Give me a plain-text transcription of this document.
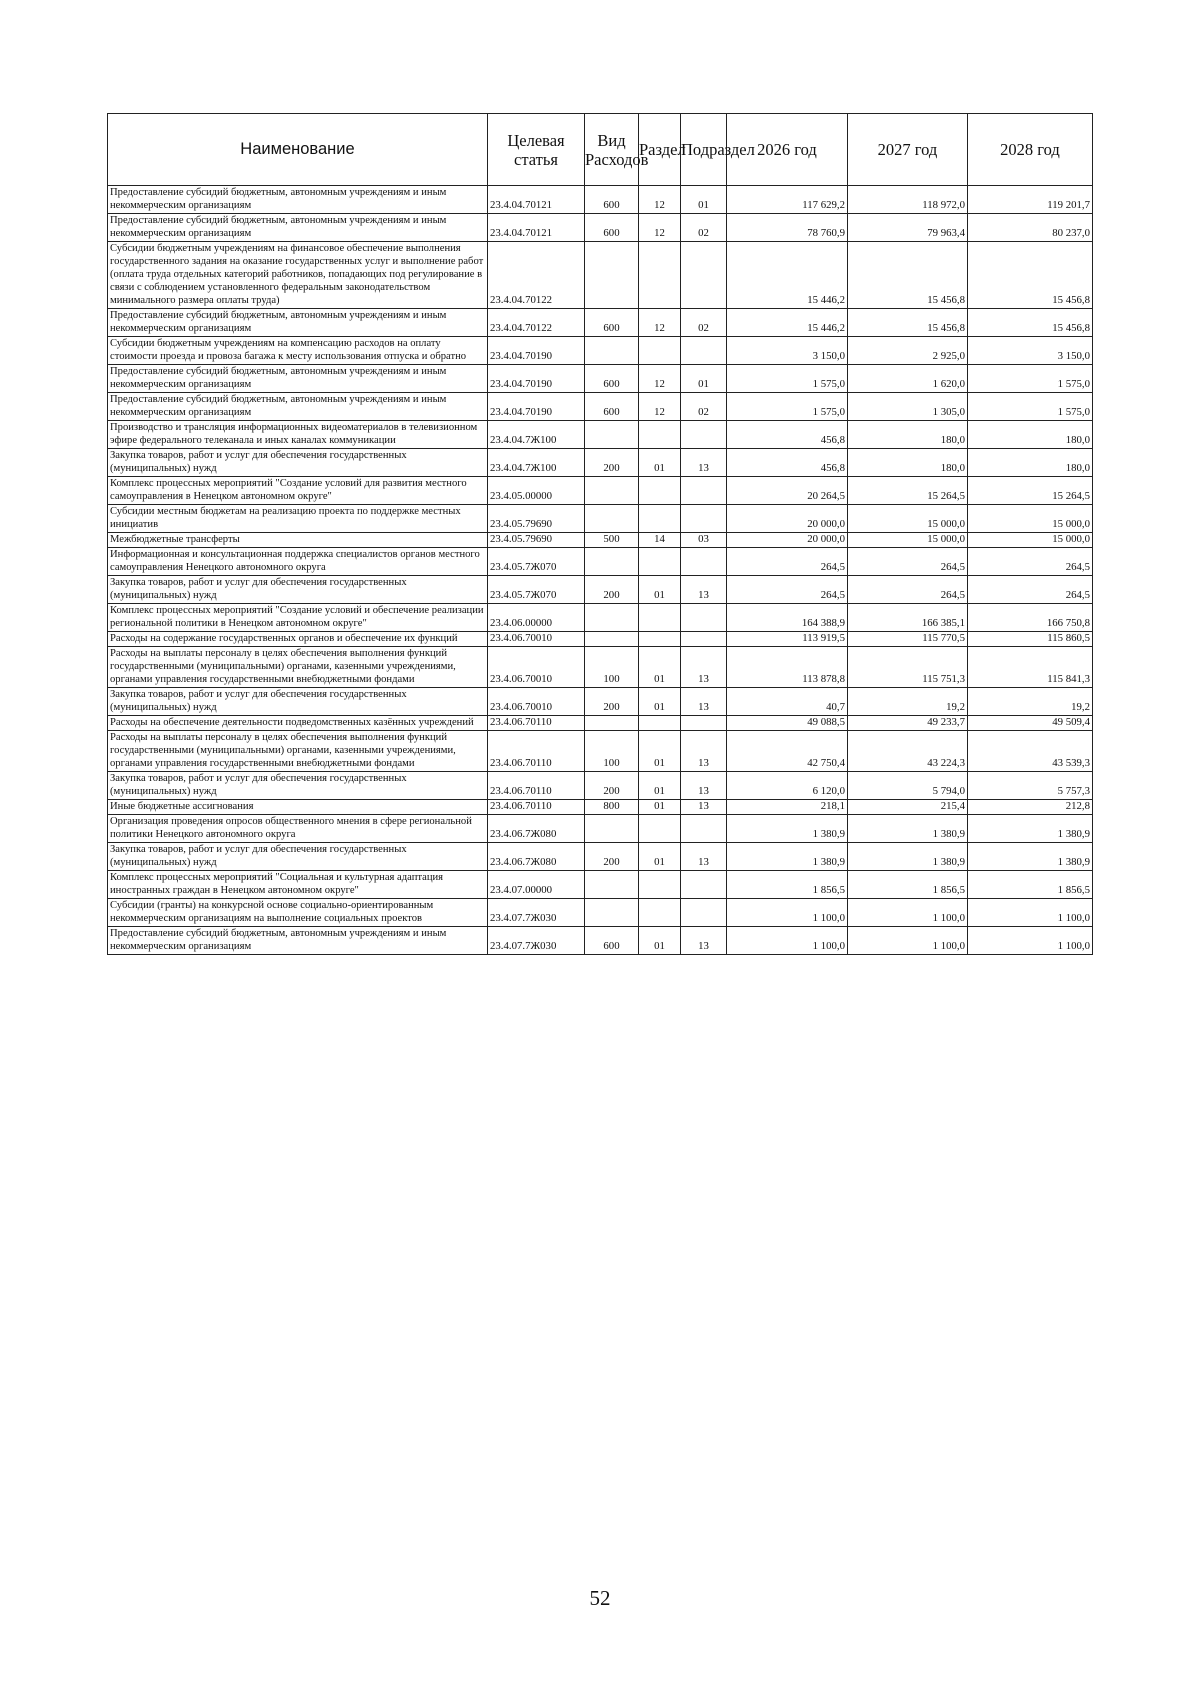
Наименование	Целевая статья	Вид Расходов	Раздел	Подраздел	2026 год	2027 год	2028 год
Предоставление субсидий бюджетным, автономным учреждениям и иным некоммерческим организациям	23.4.04.70121	600	12	01	117 629,2	118 972,0	119 201,7
Предоставление субсидий бюджетным, автономным учреждениям и иным некоммерческим организациям	23.4.04.70121	600	12	02	78 760,9	79 963,4	80 237,0
Субсидии бюджетным учреждениям на финансовое обеспечение выполнения государственного задания на оказание государственных услуг и выполнение работ (оплата труда отдельных категорий работников, попадающих под регулирование в связи с соблюдением установленного федеральным законодательством минимального размера оплаты труда)	23.4.04.70122				15 446,2	15 456,8	15 456,8
Предоставление субсидий бюджетным, автономным учреждениям и иным некоммерческим организациям	23.4.04.70122	600	12	02	15 446,2	15 456,8	15 456,8
Субсидии бюджетным учреждениям на компенсацию расходов на оплату стоимости проезда и провоза багажа к месту использования отпуска и обратно	23.4.04.70190				3 150,0	2 925,0	3 150,0
Предоставление субсидий бюджетным, автономным учреждениям и иным некоммерческим организациям	23.4.04.70190	600	12	01	1 575,0	1 620,0	1 575,0
Предоставление субсидий бюджетным, автономным учреждениям и иным некоммерческим организациям	23.4.04.70190	600	12	02	1 575,0	1 305,0	1 575,0
Производство и трансляция информационных видеоматериалов в телевизионном эфире федерального телеканала и иных каналах коммуникации	23.4.04.7Ж100				456,8	180,0	180,0
Закупка товаров, работ и услуг для обеспечения государственных (муниципальных) нужд	23.4.04.7Ж100	200	01	13	456,8	180,0	180,0
Комплекс процессных мероприятий "Создание условий для развития местного самоуправления в Ненецком автономном округе"	23.4.05.00000				20 264,5	15 264,5	15 264,5
Субсидии местным бюджетам на реализацию проекта по поддержке местных инициатив	23.4.05.79690				20 000,0	15 000,0	15 000,0
Межбюджетные трансферты	23.4.05.79690	500	14	03	20 000,0	15 000,0	15 000,0
Информационная и консультационная поддержка специалистов органов местного самоуправления Ненецкого автономного округа	23.4.05.7Ж070				264,5	264,5	264,5
Закупка товаров, работ и услуг для обеспечения государственных (муниципальных) нужд	23.4.05.7Ж070	200	01	13	264,5	264,5	264,5
Комплекс процессных мероприятий "Создание условий и обеспечение реализации региональной политики в Ненецком автономном округе"	23.4.06.00000				164 388,9	166 385,1	166 750,8
Расходы на содержание государственных органов и обеспечение их функций	23.4.06.70010				113 919,5	115 770,5	115 860,5
Расходы на выплаты персоналу в целях обеспечения выполнения функций государственными (муниципальными) органами, казенными учреждениями, органами управления государственными внебюджетными фондами	23.4.06.70010	100	01	13	113 878,8	115 751,3	115 841,3
Закупка товаров, работ и услуг для обеспечения государственных (муниципальных) нужд	23.4.06.70010	200	01	13	40,7	19,2	19,2
Расходы на обеспечение деятельности подведомственных казённых учреждений	23.4.06.70110				49 088,5	49 233,7	49 509,4
Расходы на выплаты персоналу в целях обеспечения выполнения функций государственными (муниципальными) органами, казенными учреждениями, органами управления государственными внебюджетными фондами	23.4.06.70110	100	01	13	42 750,4	43 224,3	43 539,3
Закупка товаров, работ и услуг для обеспечения государственных (муниципальных) нужд	23.4.06.70110	200	01	13	6 120,0	5 794,0	5 757,3
Иные бюджетные ассигнования	23.4.06.70110	800	01	13	218,1	215,4	212,8
Организация проведения опросов общественного мнения в сфере региональной политики Ненецкого автономного округа	23.4.06.7Ж080				1 380,9	1 380,9	1 380,9
Закупка товаров, работ и услуг для обеспечения государственных (муниципальных) нужд	23.4.06.7Ж080	200	01	13	1 380,9	1 380,9	1 380,9
Комплекс процессных мероприятий "Социальная и культурная адаптация иностранных граждан в Ненецком автономном округе"	23.4.07.00000				1 856,5	1 856,5	1 856,5
Субсидии (гранты) на конкурсной основе социально-ориентированным некоммерческим организациям на выполнение социальных проектов	23.4.07.7Ж030				1 100,0	1 100,0	1 100,0
Предоставление субсидий бюджетным, автономным учреждениям и иным некоммерческим организациям	23.4.07.7Ж030	600	01	13	1 100,0	1 100,0	1 100,0
52
